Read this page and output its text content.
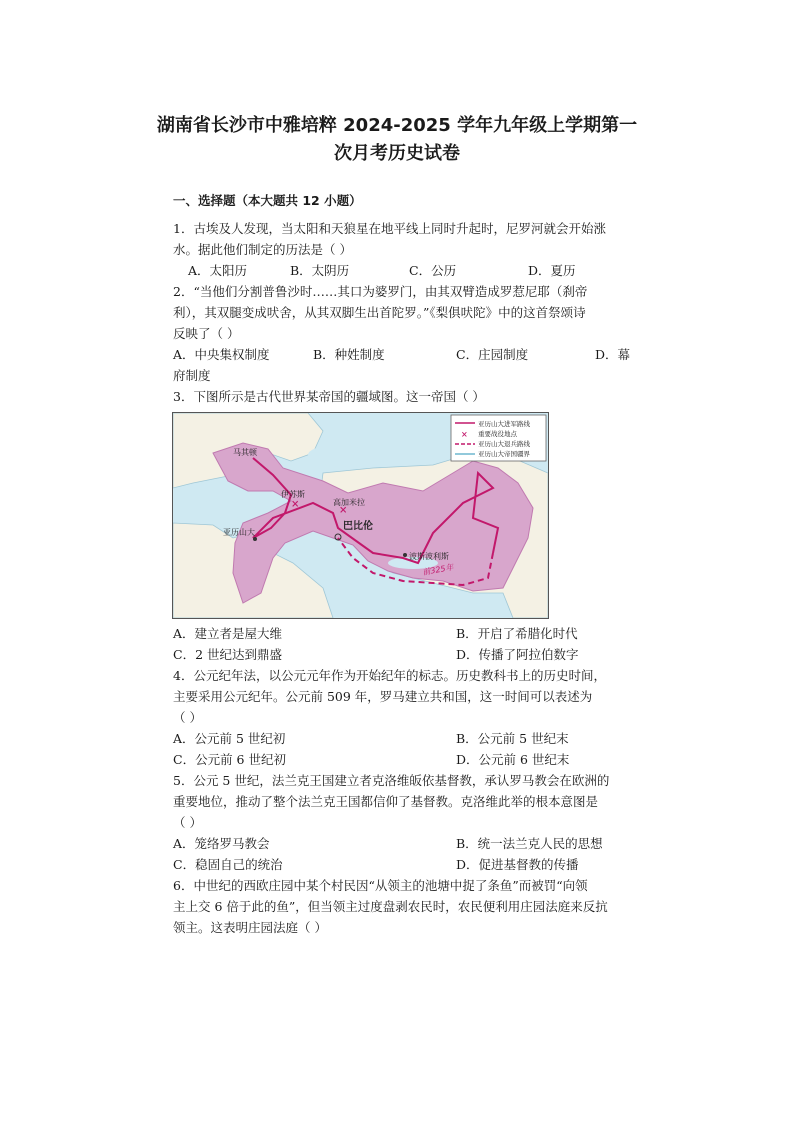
湖南省长沙市中雅培粹 2024-2025 学年九年级上学期第一
次月考历史试卷
一、选择题（本大题共 12 小题）
1．古埃及人发现，当太阳和天狼星在地平线上同时升起时，尼罗河就会开始涨
水。据此他们制定的历法是（ ）
A．太阳历	B．太阴历	C．公历	D．夏历
2．“当他们分割普鲁沙时……其口为婆罗门，由其双臂造成罗惹尼耶（刹帝
利），其双腿变成吠舍，从其双脚生出首陀罗。”《梨俱吠陀》中的这首祭颂诗
反映了（ ）
A．中央集权制度	B．种姓制度	C．庄园制度	D．幕
府制度
3．下图所示是古代世界某帝国的疆域图。这一帝国（ ）
×
×
马其顿
伊苏斯
高加米拉
巴比伦
亚历山大
波斯波利斯
前325年
亚历山大进军路线
× 重要战役地点
亚历山大退兵路线
亚历山大帝国疆界
A．建立者是屋大维	B．开启了希腊化时代
C．2 世纪达到鼎盛	D．传播了阿拉伯数字
4．公元纪年法，以公元元年作为开始纪年的标志。历史教科书上的历史时间，
主要采用公元纪年。公元前 509 年，罗马建立共和国，这一时间可以表述为
（ ）
A．公元前 5 世纪初	B．公元前 5 世纪末
C．公元前 6 世纪初	D．公元前 6 世纪末
5．公元 5 世纪，法兰克王国建立者克洛维皈依基督教，承认罗马教会在欧洲的
重要地位，推动了整个法兰克王国都信仰了基督教。克洛维此举的根本意图是
（ ）
A．笼络罗马教会	B．统一法兰克人民的思想
C．稳固自己的统治	D．促进基督教的传播
6．中世纪的西欧庄园中某个村民因“从领主的池塘中捉了条鱼”而被罚“向领
主上交 6 倍于此的鱼”，但当领主过度盘剥农民时，农民便利用庄园法庭来反抗
领主。这表明庄园法庭（ ）
